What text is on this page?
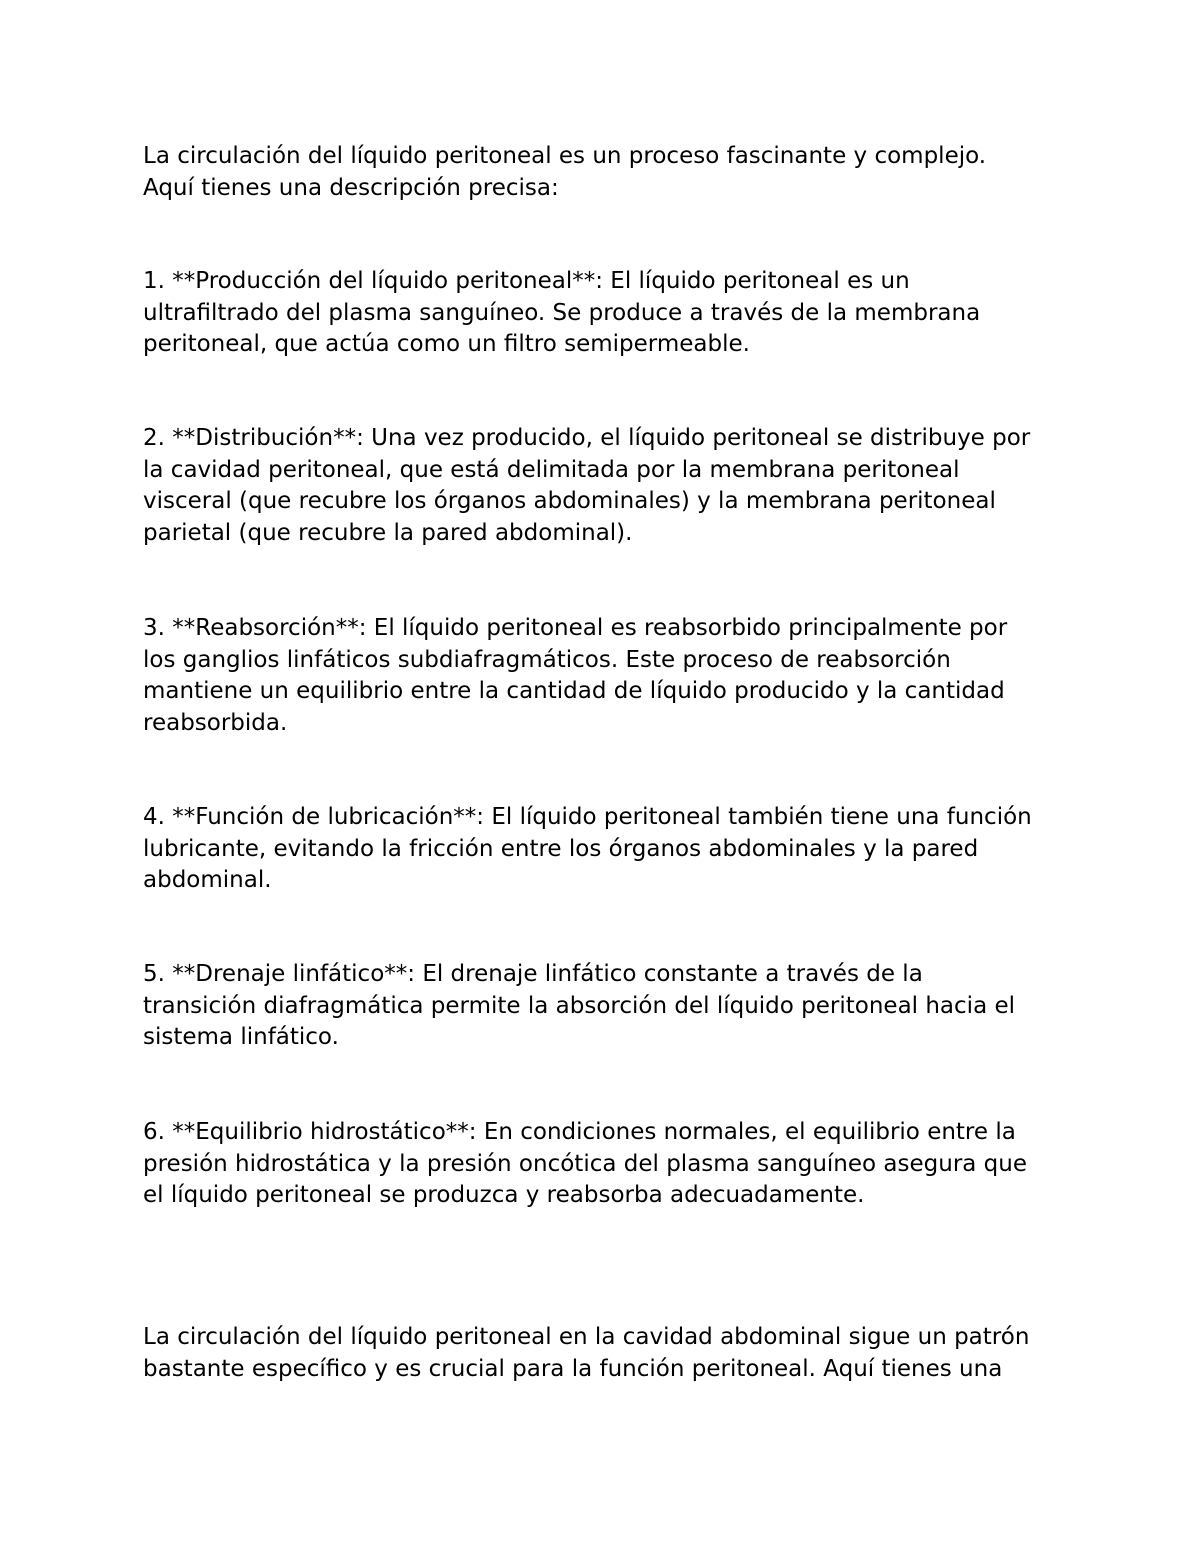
La circulación del líquido peritoneal es un proceso fascinante y complejo.
Aquí tienes una descripción precisa:

1. **Producción del líquido peritoneal**: El líquido peritoneal es un
ultrafiltrado del plasma sanguíneo. Se produce a través de la membrana
peritoneal, que actúa como un filtro semipermeable.

2. **Distribución**: Una vez producido, el líquido peritoneal se distribuye por
la cavidad peritoneal, que está delimitada por la membrana peritoneal
visceral (que recubre los órganos abdominales) y la membrana peritoneal
parietal (que recubre la pared abdominal).

3. **Reabsorción**: El líquido peritoneal es reabsorbido principalmente por
los ganglios linfáticos subdiafragmáticos. Este proceso de reabsorción
mantiene un equilibrio entre la cantidad de líquido producido y la cantidad
reabsorbida.

4. **Función de lubricación**: El líquido peritoneal también tiene una función
lubricante, evitando la fricción entre los órganos abdominales y la pared
abdominal.

5. **Drenaje linfático**: El drenaje linfático constante a través de la
transición diafragmática permite la absorción del líquido peritoneal hacia el
sistema linfático.

6. **Equilibrio hidrostático**: En condiciones normales, el equilibrio entre la
presión hidrostática y la presión oncótica del plasma sanguíneo asegura que
el líquido peritoneal se produzca y reabsorba adecuadamente.

La circulación del líquido peritoneal en la cavidad abdominal sigue un patrón
bastante específico y es crucial para la función peritoneal. Aquí tienes una
